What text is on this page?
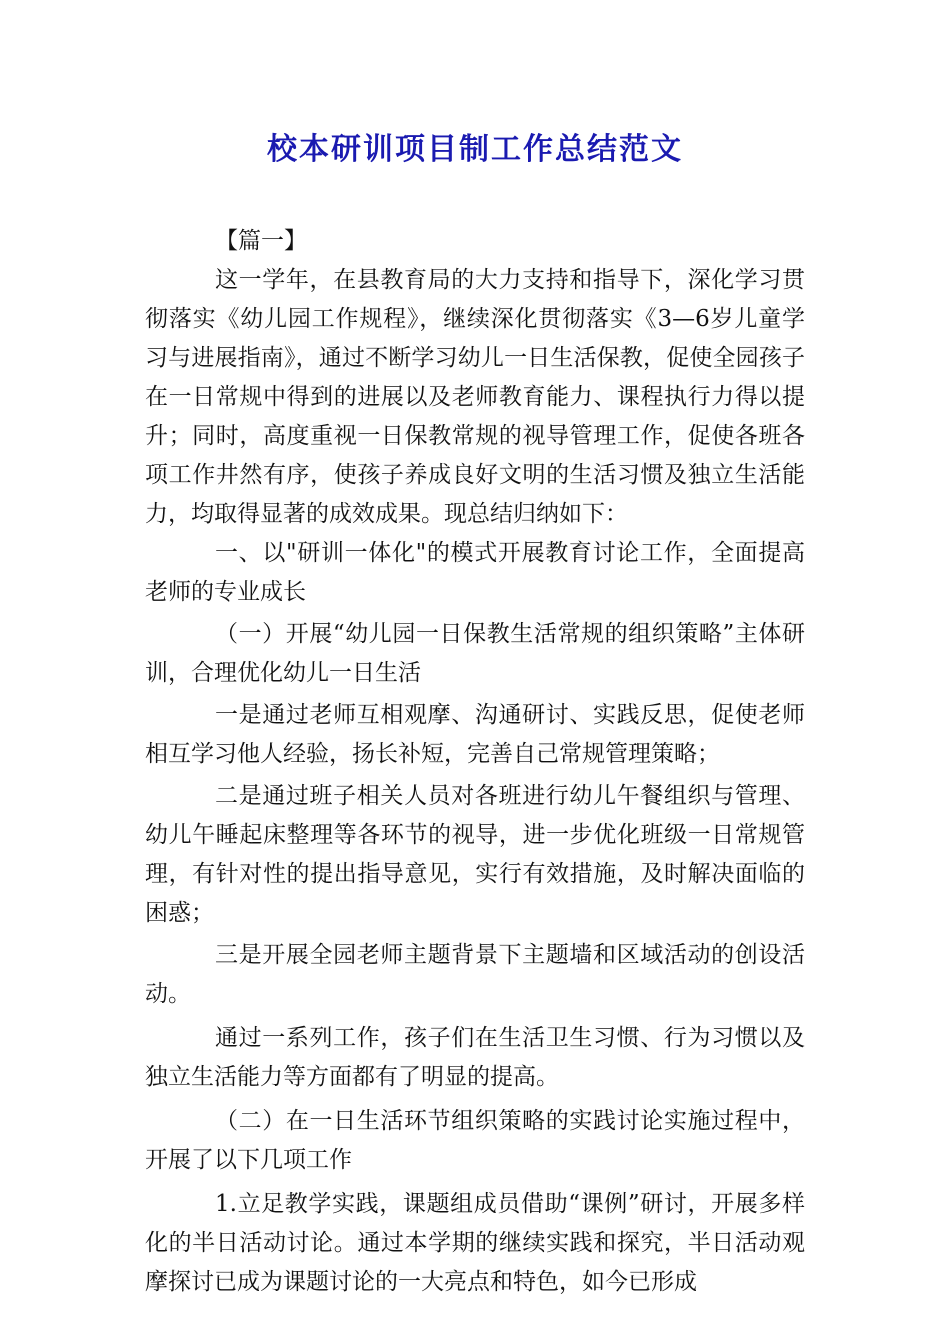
校本研训项目制工作总结范文

【篇一】

这一学年，在县教育局的大力支持和指导下，深化学习贯彻落实《幼儿园工作规程》，继续深化贯彻落实《3—6岁儿童学习与进展指南》，通过不断学习幼儿一日生活保教，促使全园孩子在一日常规中得到的进展以及老师教育能力、课程执行力得以提升；同时，高度重视一日保教常规的视导管理工作，促使各班各项工作井然有序，使孩子养成良好文明的生活习惯及独立生活能力，均取得显著的成效成果。现总结归纳如下：

一、以"研训一体化"的模式开展教育讨论工作，全面提高老师的专业成长

（一）开展“幼儿园一日保教生活常规的组织策略”主体研训，合理优化幼儿一日生活

一是通过老师互相观摩、沟通研讨、实践反思，促使老师相互学习他人经验，扬长补短，完善自己常规管理策略；

二是通过班子相关人员对各班进行幼儿午餐组织与管理、幼儿午睡起床整理等各环节的视导，进一步优化班级一日常规管理，有针对性的提出指导意见，实行有效措施，及时解决面临的困惑；

三是开展全园老师主题背景下主题墙和区域活动的创设活动。

通过一系列工作，孩子们在生活卫生习惯、行为习惯以及独立生活能力等方面都有了明显的提高。

（二）在一日生活环节组织策略的实践讨论实施过程中，开展了以下几项工作

1.立足教学实践，课题组成员借助“课例”研讨，开展多样化的半日活动讨论。通过本学期的继续实践和探究，半日活动观摩探讨已成为课题讨论的一大亮点和特色，如今已形成
